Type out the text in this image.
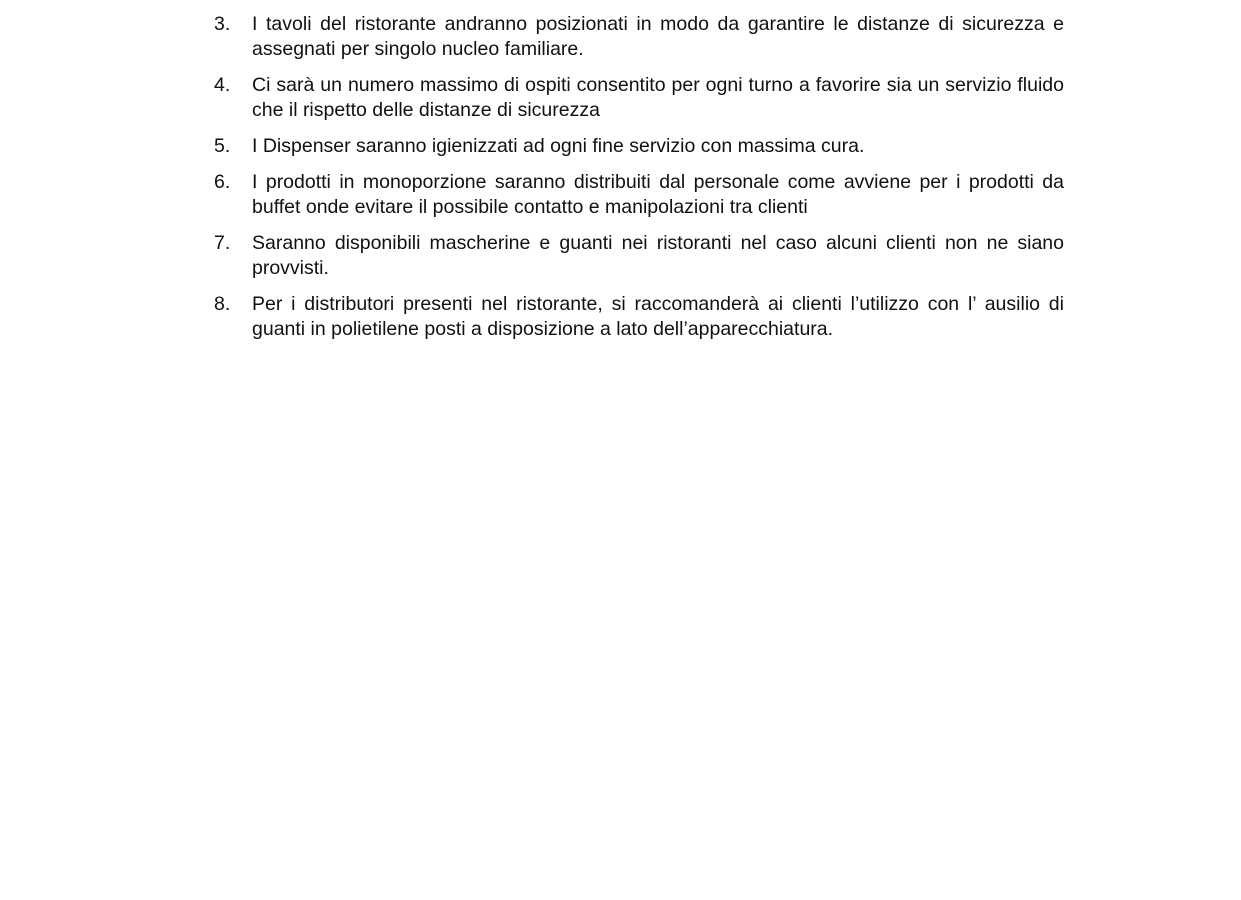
3.	I tavoli del ristorante andranno posizionati in modo da garantire le distanze di sicurezza e assegnati per singolo nucleo familiare.
4.	Ci sarà un numero massimo di ospiti consentito per ogni turno a favorire sia un servizio fluido che il rispetto delle distanze di sicurezza
5.	I Dispenser saranno igienizzati ad ogni fine servizio con massima cura.
6.	I prodotti in monoporzione saranno distribuiti dal personale come avviene per i prodotti da buffet onde evitare il possibile contatto e manipolazioni tra clienti
7.	Saranno disponibili mascherine e guanti nei ristoranti nel caso alcuni clienti non ne siano provvisti.
8.	Per i distributori presenti nel ristorante, si raccomanderà ai clienti l’utilizzo con l’ ausilio di guanti in polietilene posti a disposizione a lato dell’apparecchiatura.
